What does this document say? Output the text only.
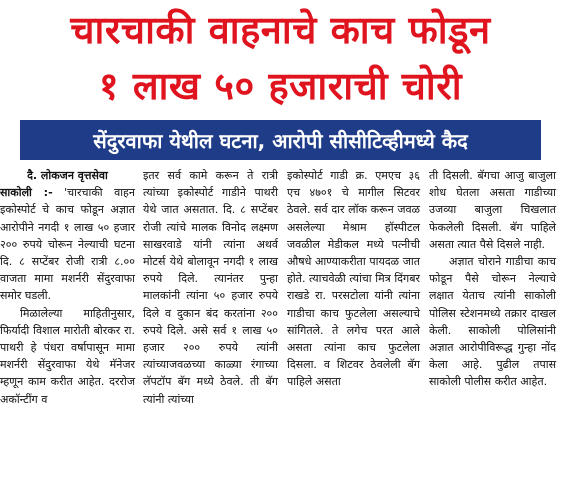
चारचाकी वाहनाचे काच फोडून
१ लाख ५० हजाराची चोरी
सेंदुरवाफा येथील घटना, आरोपी सीसीटिव्हीमध्ये कैद
दै. लोकजन वृत्तसेवा
साकोली :- 'चारचाकी वाहन इकोस्पोर्ट चे काच फोडून अज्ञात आरोपीने नगदी १ लाख ५० हजार २०० रुपये चोरून नेल्याची घटना दि. ८ सप्टेंबर रोजी रात्री ८.०० वाजता मामा मशर्नरी सेंदुरवाफा समोर घडली.
मिळालेल्या माहितीनुसार, फिर्यादी विशाल मारोती बोरकर रा. पाथरी हे पंधरा वर्षापासून मामा मशर्नरी सेंदुरवाफा येथे मॅनेजर म्हणून काम करीत आहेत. दररोज अकॉन्टींग व
इतर सर्व कामे करून ते रात्री त्यांच्या इकोस्पोर्ट गाडीने पाथरी येथे जात असतात. दि. ८ सप्टेंबर रोजी त्यांचे मालक विनोद लक्ष्मण साखरवाडे यांनी त्यांना अथर्व मोटर्स येथे बोलावून नगदी १ लाख रुपये दिले. त्यानंतर पुन्हा मालकांनी त्यांना ५० हजार रुपये दिले व दुकान बंद करतांना २०० रुपये दिले. असे सर्व १ लाख ५० हजार २०० रुपये त्यांनी त्यांच्याजवळच्या काळ्या रंगाच्या लॅपटॉप बॅग मध्ये ठेवले. ती बॅग त्यांनी त्यांच्या
इकोस्पोर्ट गाडी क्र. एमएच ३६ एच ४७०१ चे मागील सिटवर ठेवले. सर्व दार लॉक करून जवळ असलेल्या मेश्राम हॉस्पीटल जवळील मेडीकल मध्ये पत्नीची औषधे आण्याकरीता पायदळ जात होते. त्याचवेळी त्यांचा मित्र दिंगबर राखडे रा. परसटोला यांनी त्यांना गाडीचा काच फुटलेला असल्याचे सांगितले. ते लगेच परत आले असता त्यांना काच फुटलेला दिसला. व शिटवर ठेवलेली बॅग पाहिले असता
ती दिसली. बॅगचा आजु बाजुला शोध घेतला असता गाडीच्या उजव्या बाजुला चिखलात फेकलेली दिसली. बॅग पाहिले असता त्यात पैसे दिसले नाही.
अज्ञात चोराने गाडीचा काच फोडून पैसे चोरून नेल्याचे लक्षात येताच त्यांनी साकोली पोलिस स्टेशनमध्ये तक्रार दाखल केली. साकोली पोलिसांनी अज्ञात आरोपीविरूद्ध गुन्हा नोंद केला आहे. पुढील तपास साकोली पोलीस करीत आहेत.
